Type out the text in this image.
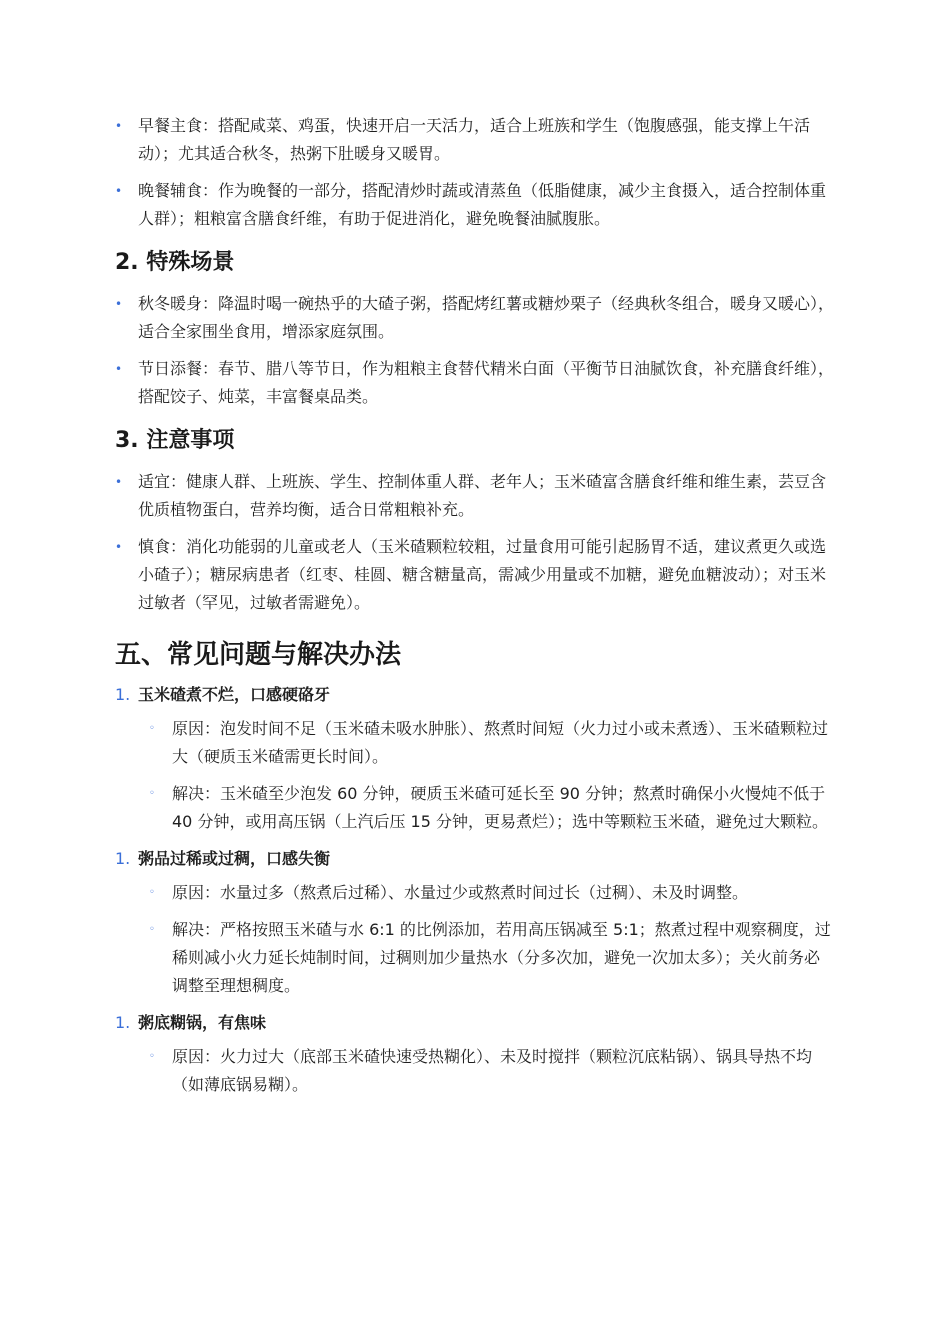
• 早餐主食：搭配咸菜、鸡蛋，快速开启一天活力，适合上班族和学生（饱腹感强，能支撑上午活动）；尤其适合秋冬，热粥下肚暖身又暖胃。
• 晚餐辅食：作为晚餐的一部分，搭配清炒时蔬或清蒸鱼（低脂健康，减少主食摄入，适合控制体重人群）；粗粮富含膳食纤维，有助于促进消化，避免晚餐油腻腹胀。
2. 特殊场景
• 秋冬暖身：降温时喝一碗热乎的大碴子粥，搭配烤红薯或糖炒栗子（经典秋冬组合，暖身又暖心），适合全家围坐食用，增添家庭氛围。
• 节日添餐：春节、腊八等节日，作为粗粮主食替代精米白面（平衡节日油腻饮食，补充膳食纤维），搭配饺子、炖菜，丰富餐桌品类。
3. 注意事项
• 适宜：健康人群、上班族、学生、控制体重人群、老年人；玉米碴富含膳食纤维和维生素，芸豆含优质植物蛋白，营养均衡，适合日常粗粮补充。
• 慎食：消化功能弱的儿童或老人（玉米碴颗粒较粗，过量食用可能引起肠胃不适，建议煮更久或选小碴子）；糖尿病患者（红枣、桂圆、糖含糖量高，需减少用量或不加糖，避免血糖波动）；对玉米过敏者（罕见，过敏者需避免）。
五、常见问题与解决办法
1. 玉米碴煮不烂，口感硬硌牙
◦ 原因：泡发时间不足（玉米碴未吸水肿胀）、熬煮时间短（火力过小或未煮透）、玉米碴颗粒过大（硬质玉米碴需更长时间）。
◦ 解决：玉米碴至少泡发 60 分钟，硬质玉米碴可延长至 90 分钟；熬煮时确保小火慢炖不低于 40 分钟，或用高压锅（上汽后压 15 分钟，更易煮烂）；选中等颗粒玉米碴，避免过大颗粒。
1. 粥品过稀或过稠，口感失衡
◦ 原因：水量过多（熬煮后过稀）、水量过少或熬煮时间过长（过稠）、未及时调整。
◦ 解决：严格按照玉米碴与水 6:1 的比例添加，若用高压锅减至 5:1；熬煮过程中观察稠度，过稀则减小火力延长炖制时间，过稠则加少量热水（分多次加，避免一次加太多）；关火前务必调整至理想稠度。
1. 粥底糊锅，有焦味
◦ 原因：火力过大（底部玉米碴快速受热糊化）、未及时搅拌（颗粒沉底粘锅）、锅具导热不均（如薄底锅易糊）。
